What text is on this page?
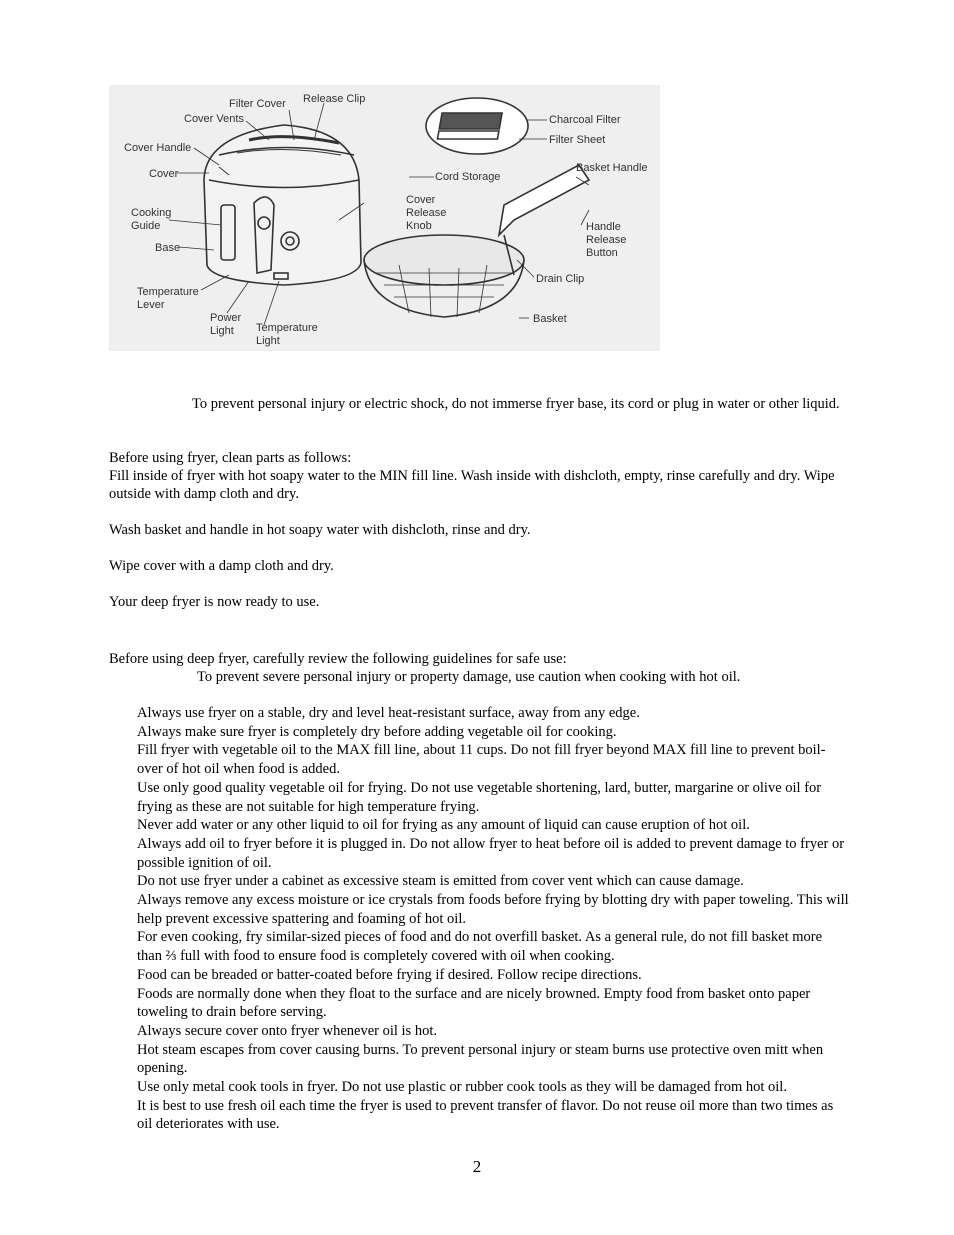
Filter Cover Release Clip
Cover Vents	Charcoal Filter
Filter Sheet
Cover Handle
Basket Handle
Cover	Cord Storage
Cooking
Guide
Cover
Release
Knob	Handle
Release
Button
Base
Drain Clip
Temperature
Lever
Power
Light
Basket
Temperature
Light

To prevent personal injury or electric shock, do not immerse fryer base, its cord or plug in water or other liquid.

Before using fryer, clean parts as follows:

Fill inside of fryer with hot soapy water to the MIN fill line. Wash inside with dishcloth, empty, rinse carefully and dry. Wipe outside with damp cloth and dry.

Wash basket and handle in hot soapy water with dishcloth, rinse and dry.

Wipe cover with a damp cloth and dry.

Your deep fryer is now ready to use.

Before using deep fryer, carefully review the following guidelines for safe use:

To prevent severe personal injury or property damage, use caution when cooking with hot oil.

Always use fryer on a stable, dry and level heat-resistant surface, away from any edge.
Always make sure fryer is completely dry before adding vegetable oil for cooking.
Fill fryer with vegetable oil to the MAX fill line, about 11 cups. Do not fill fryer beyond MAX fill line to prevent boil-over of hot oil when food is added.
Use only good quality vegetable oil for frying. Do not use vegetable shortening, lard, butter, margarine or olive oil for frying as these are not suitable for high temperature frying.
Never add water or any other liquid to oil for frying as any amount of liquid can cause eruption of hot oil.
Always add oil to fryer before it is plugged in. Do not allow fryer to heat before oil is added to prevent damage to fryer or possible ignition of oil.
Do not use fryer under a cabinet as excessive steam is emitted from cover vent which can cause damage.
Always remove any excess moisture or ice crystals from foods before frying by blotting dry with paper toweling. This will help prevent excessive spattering and foaming of hot oil.
For even cooking, fry similar-sized pieces of food and do not overfill basket. As a general rule, do not fill basket more than ⅔ full with food to ensure food is completely covered with oil when cooking.
Food can be breaded or batter-coated before frying if desired. Follow recipe directions.
Foods are normally done when they float to the surface and are nicely browned. Empty food from basket onto paper toweling to drain before serving.
Always secure cover onto fryer whenever oil is hot.
Hot steam escapes from cover causing burns. To prevent personal injury or steam burns use protective oven mitt when opening.
Use only metal cook tools in fryer. Do not use plastic or rubber cook tools as they will be damaged from hot oil.
It is best to use fresh oil each time the fryer is used to prevent transfer of flavor. Do not reuse oil more than two times as oil deteriorates with use.
2
